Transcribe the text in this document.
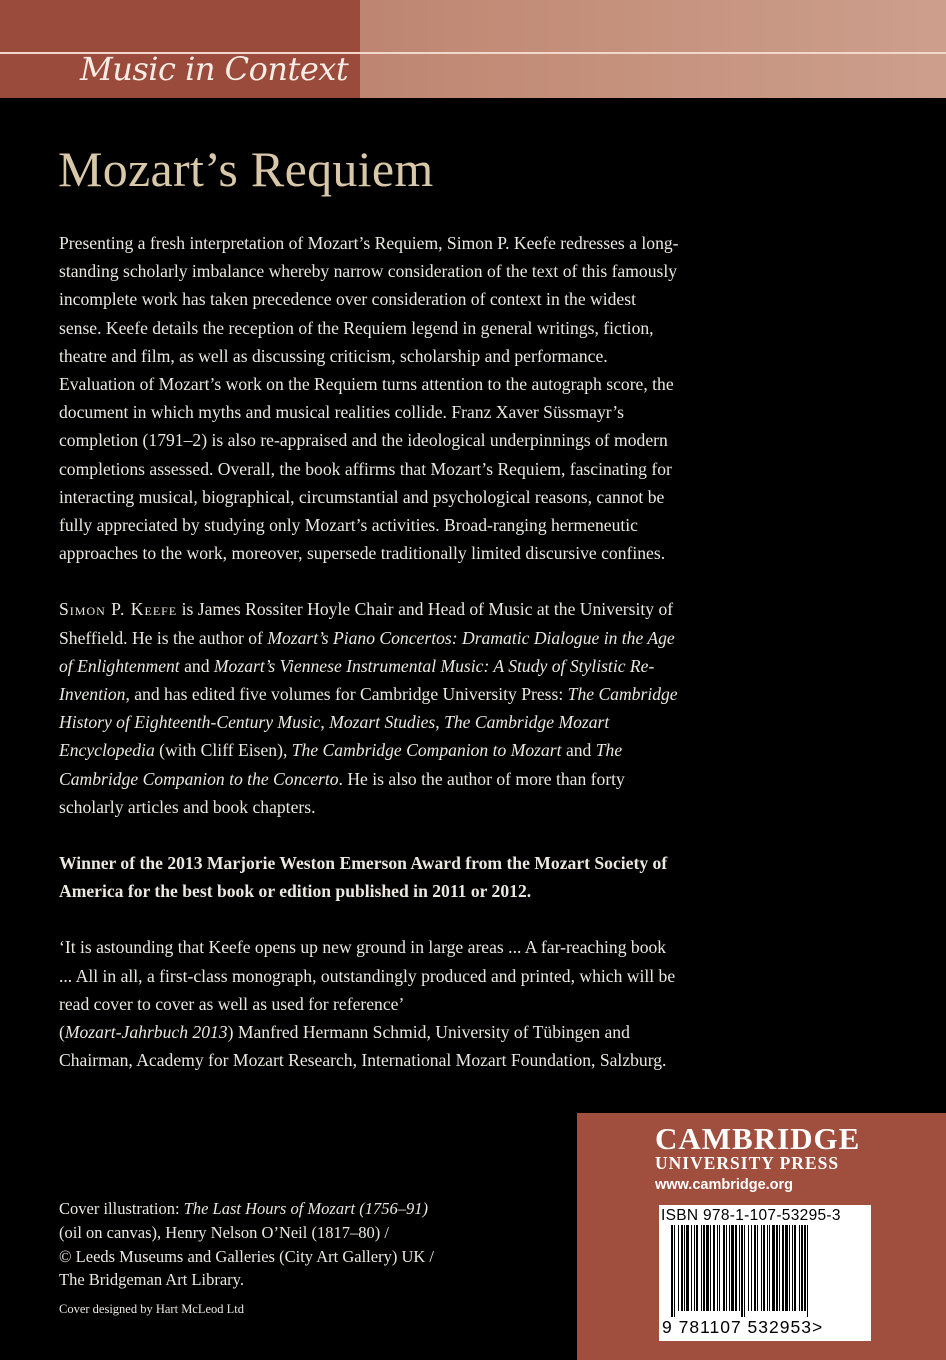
Music in Context
Mozart’s Requiem

Presenting a fresh interpretation of Mozart’s Requiem, Simon P. Keefe redresses a long-standing scholarly imbalance whereby narrow consideration of the text of this famously incomplete work has taken precedence over consideration of context in the widest sense. Keefe details the reception of the Requiem legend in general writings, fiction, theatre and film, as well as discussing criticism, scholarship and performance. Evaluation of Mozart’s work on the Requiem turns attention to the autograph score, the document in which myths and musical realities collide. Franz Xaver Süssmayr’s completion (1791–2) is also re-appraised and the ideological underpinnings of modern completions assessed. Overall, the book affirms that Mozart’s Requiem, fascinating for interacting musical, biographical, circumstantial and psychological reasons, cannot be fully appreciated by studying only Mozart’s activities. Broad-ranging hermeneutic approaches to the work, moreover, supersede traditionally limited discursive confines.

Simon P. Keefe is James Rossiter Hoyle Chair and Head of Music at the University of Sheffield. He is the author of Mozart’s Piano Concertos: Dramatic Dialogue in the Age of Enlightenment and Mozart’s Viennese Instrumental Music: A Study of Stylistic Re-Invention, and has edited five volumes for Cambridge University Press: The Cambridge History of Eighteenth-Century Music, Mozart Studies, The Cambridge Mozart Encyclopedia (with Cliff Eisen), The Cambridge Companion to Mozart and The Cambridge Companion to the Concerto. He is also the author of more than forty scholarly articles and book chapters.

Winner of the 2013 Marjorie Weston Emerson Award from the Mozart Society of America for the best book or edition published in 2011 or 2012.

‘It is astounding that Keefe opens up new ground in large areas ... A far-reaching book ... All in all, a first-class monograph, outstandingly produced and printed, which will be read cover to cover as well as used for reference’
(Mozart-Jahrbuch 2013) Manfred Hermann Schmid, University of Tübingen and Chairman, Academy for Mozart Research, International Mozart Foundation, Salzburg.

Cover illustration: The Last Hours of Mozart (1756–91)
(oil on canvas), Henry Nelson O’Neil (1817–80) /
© Leeds Museums and Galleries (City Art Gallery) UK /
The Bridgeman Art Library.
Cover designed by Hart McLeod Ltd
CAMBRIDGE
UNIVERSITY PRESS
www.cambridge.org
ISBN 978-1-107-53295-3
9 781107 532953>
